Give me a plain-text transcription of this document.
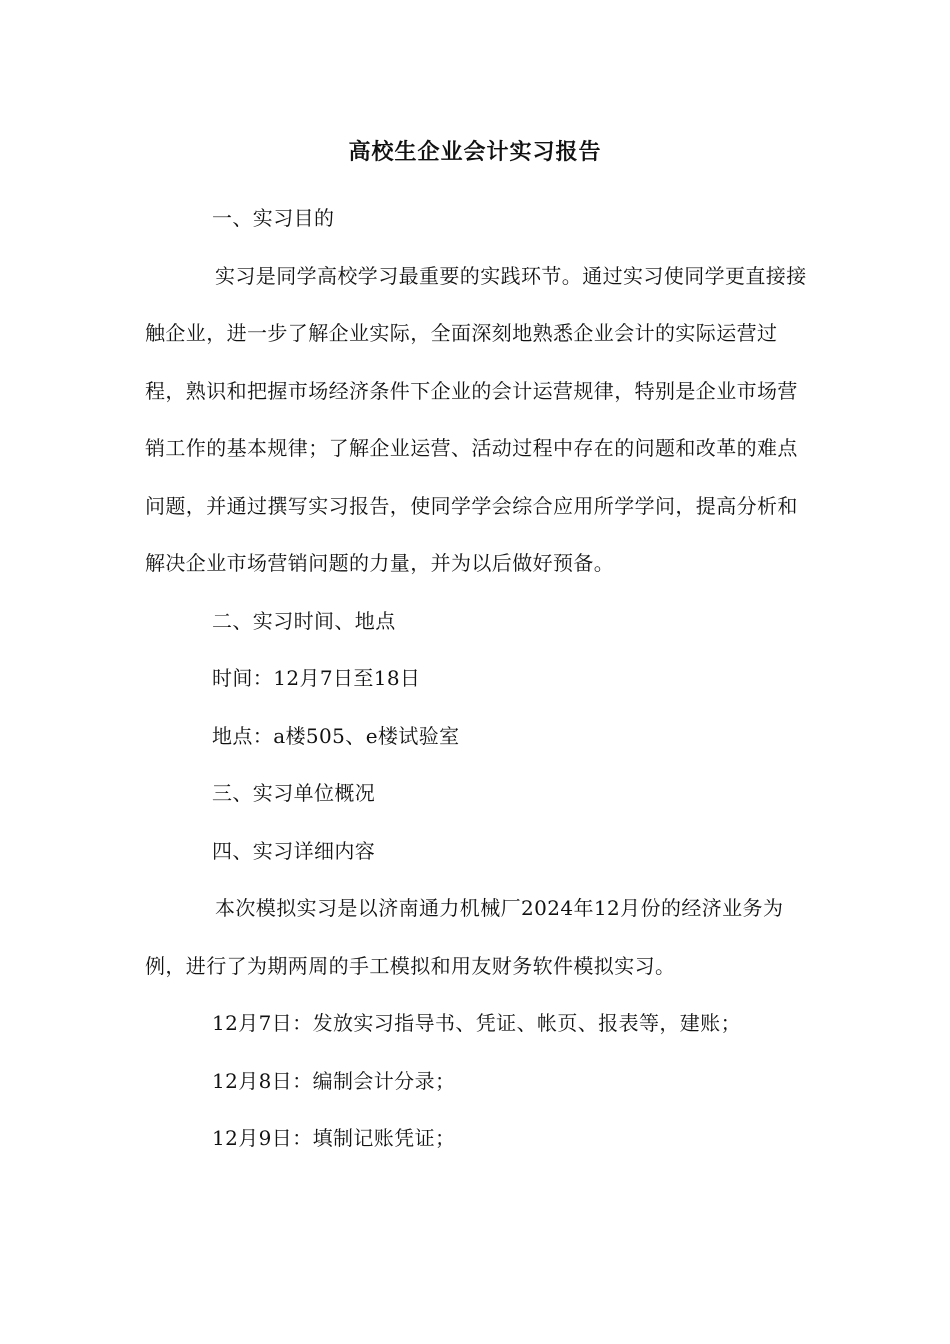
高校生企业会计实习报告

一、实习目的

实习是同学高校学习最重要的实践环节。通过实习使同学更直接接触企业，进一步了解企业实际，全面深刻地熟悉企业会计的实际运营过程，熟识和把握市场经济条件下企业的会计运营规律，特别是企业市场营销工作的基本规律；了解企业运营、活动过程中存在的问题和改革的难点问题，并通过撰写实习报告，使同学学会综合应用所学学问，提高分析和解决企业市场营销问题的力量，并为以后做好预备。

二、实习时间、地点

时间：12月7日至18日

地点：a楼505、e楼试验室

三、实习单位概况

四、实习详细内容

本次模拟实习是以济南通力机械厂2024年12月份的经济业务为例，进行了为期两周的手工模拟和用友财务软件模拟实习。

12月7日：发放实习指导书、凭证、帐页、报表等，建账；

12月8日：编制会计分录；

12月9日：填制记账凭证；
